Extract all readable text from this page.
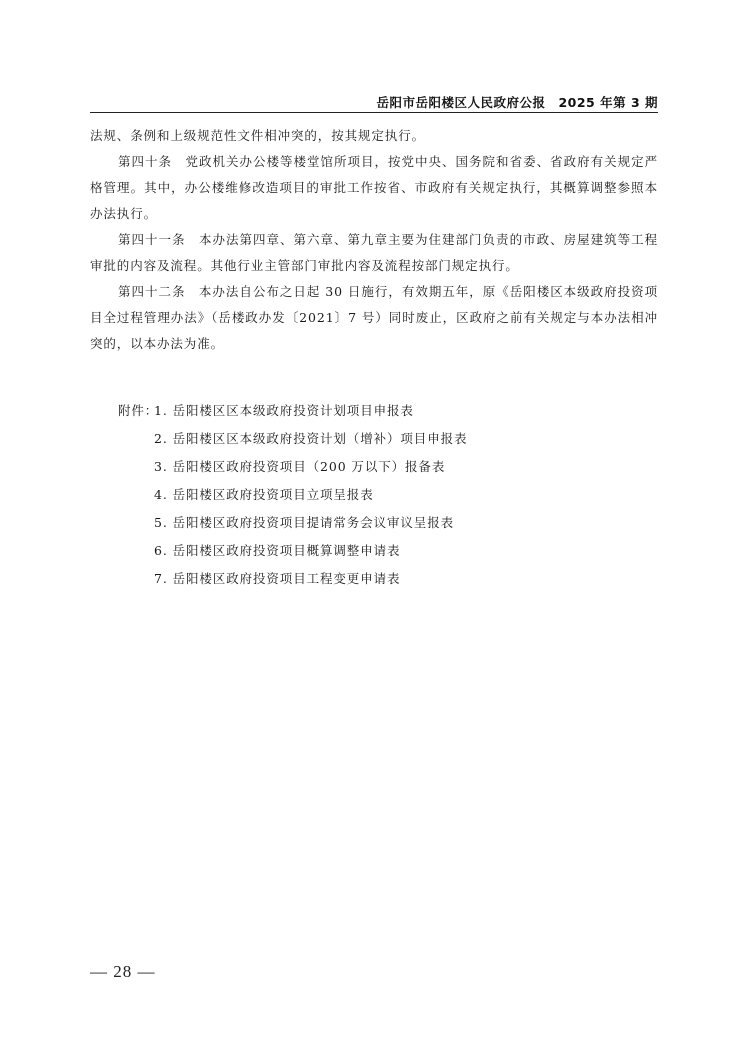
岳阳市岳阳楼区人民政府公报　2025 年第 3 期

法规、条例和上级规范性文件相冲突的，按其规定执行。

第四十条　党政机关办公楼等楼堂馆所项目，按党中央、国务院和省委、省政府有关规定严格管理。其中，办公楼维修改造项目的审批工作按省、市政府有关规定执行，其概算调整参照本办法执行。

第四十一条　本办法第四章、第六章、第九章主要为住建部门负责的市政、房屋建筑等工程审批的内容及流程。其他行业主管部门审批内容及流程按部门规定执行。

第四十二条　本办法自公布之日起 30 日施行，有效期五年，原《岳阳楼区本级政府投资项目全过程管理办法》（岳楼政办发〔2021〕7 号）同时废止，区政府之前有关规定与本办法相冲突的，以本办法为准。

附件：1. 岳阳楼区区本级政府投资计划项目申报表
2. 岳阳楼区区本级政府投资计划（增补）项目申报表
3. 岳阳楼区政府投资项目（200 万以下）报备表
4. 岳阳楼区政府投资项目立项呈报表
5. 岳阳楼区政府投资项目提请常务会议审议呈报表
6. 岳阳楼区政府投资项目概算调整申请表
7. 岳阳楼区政府投资项目工程变更申请表
— 28 —
